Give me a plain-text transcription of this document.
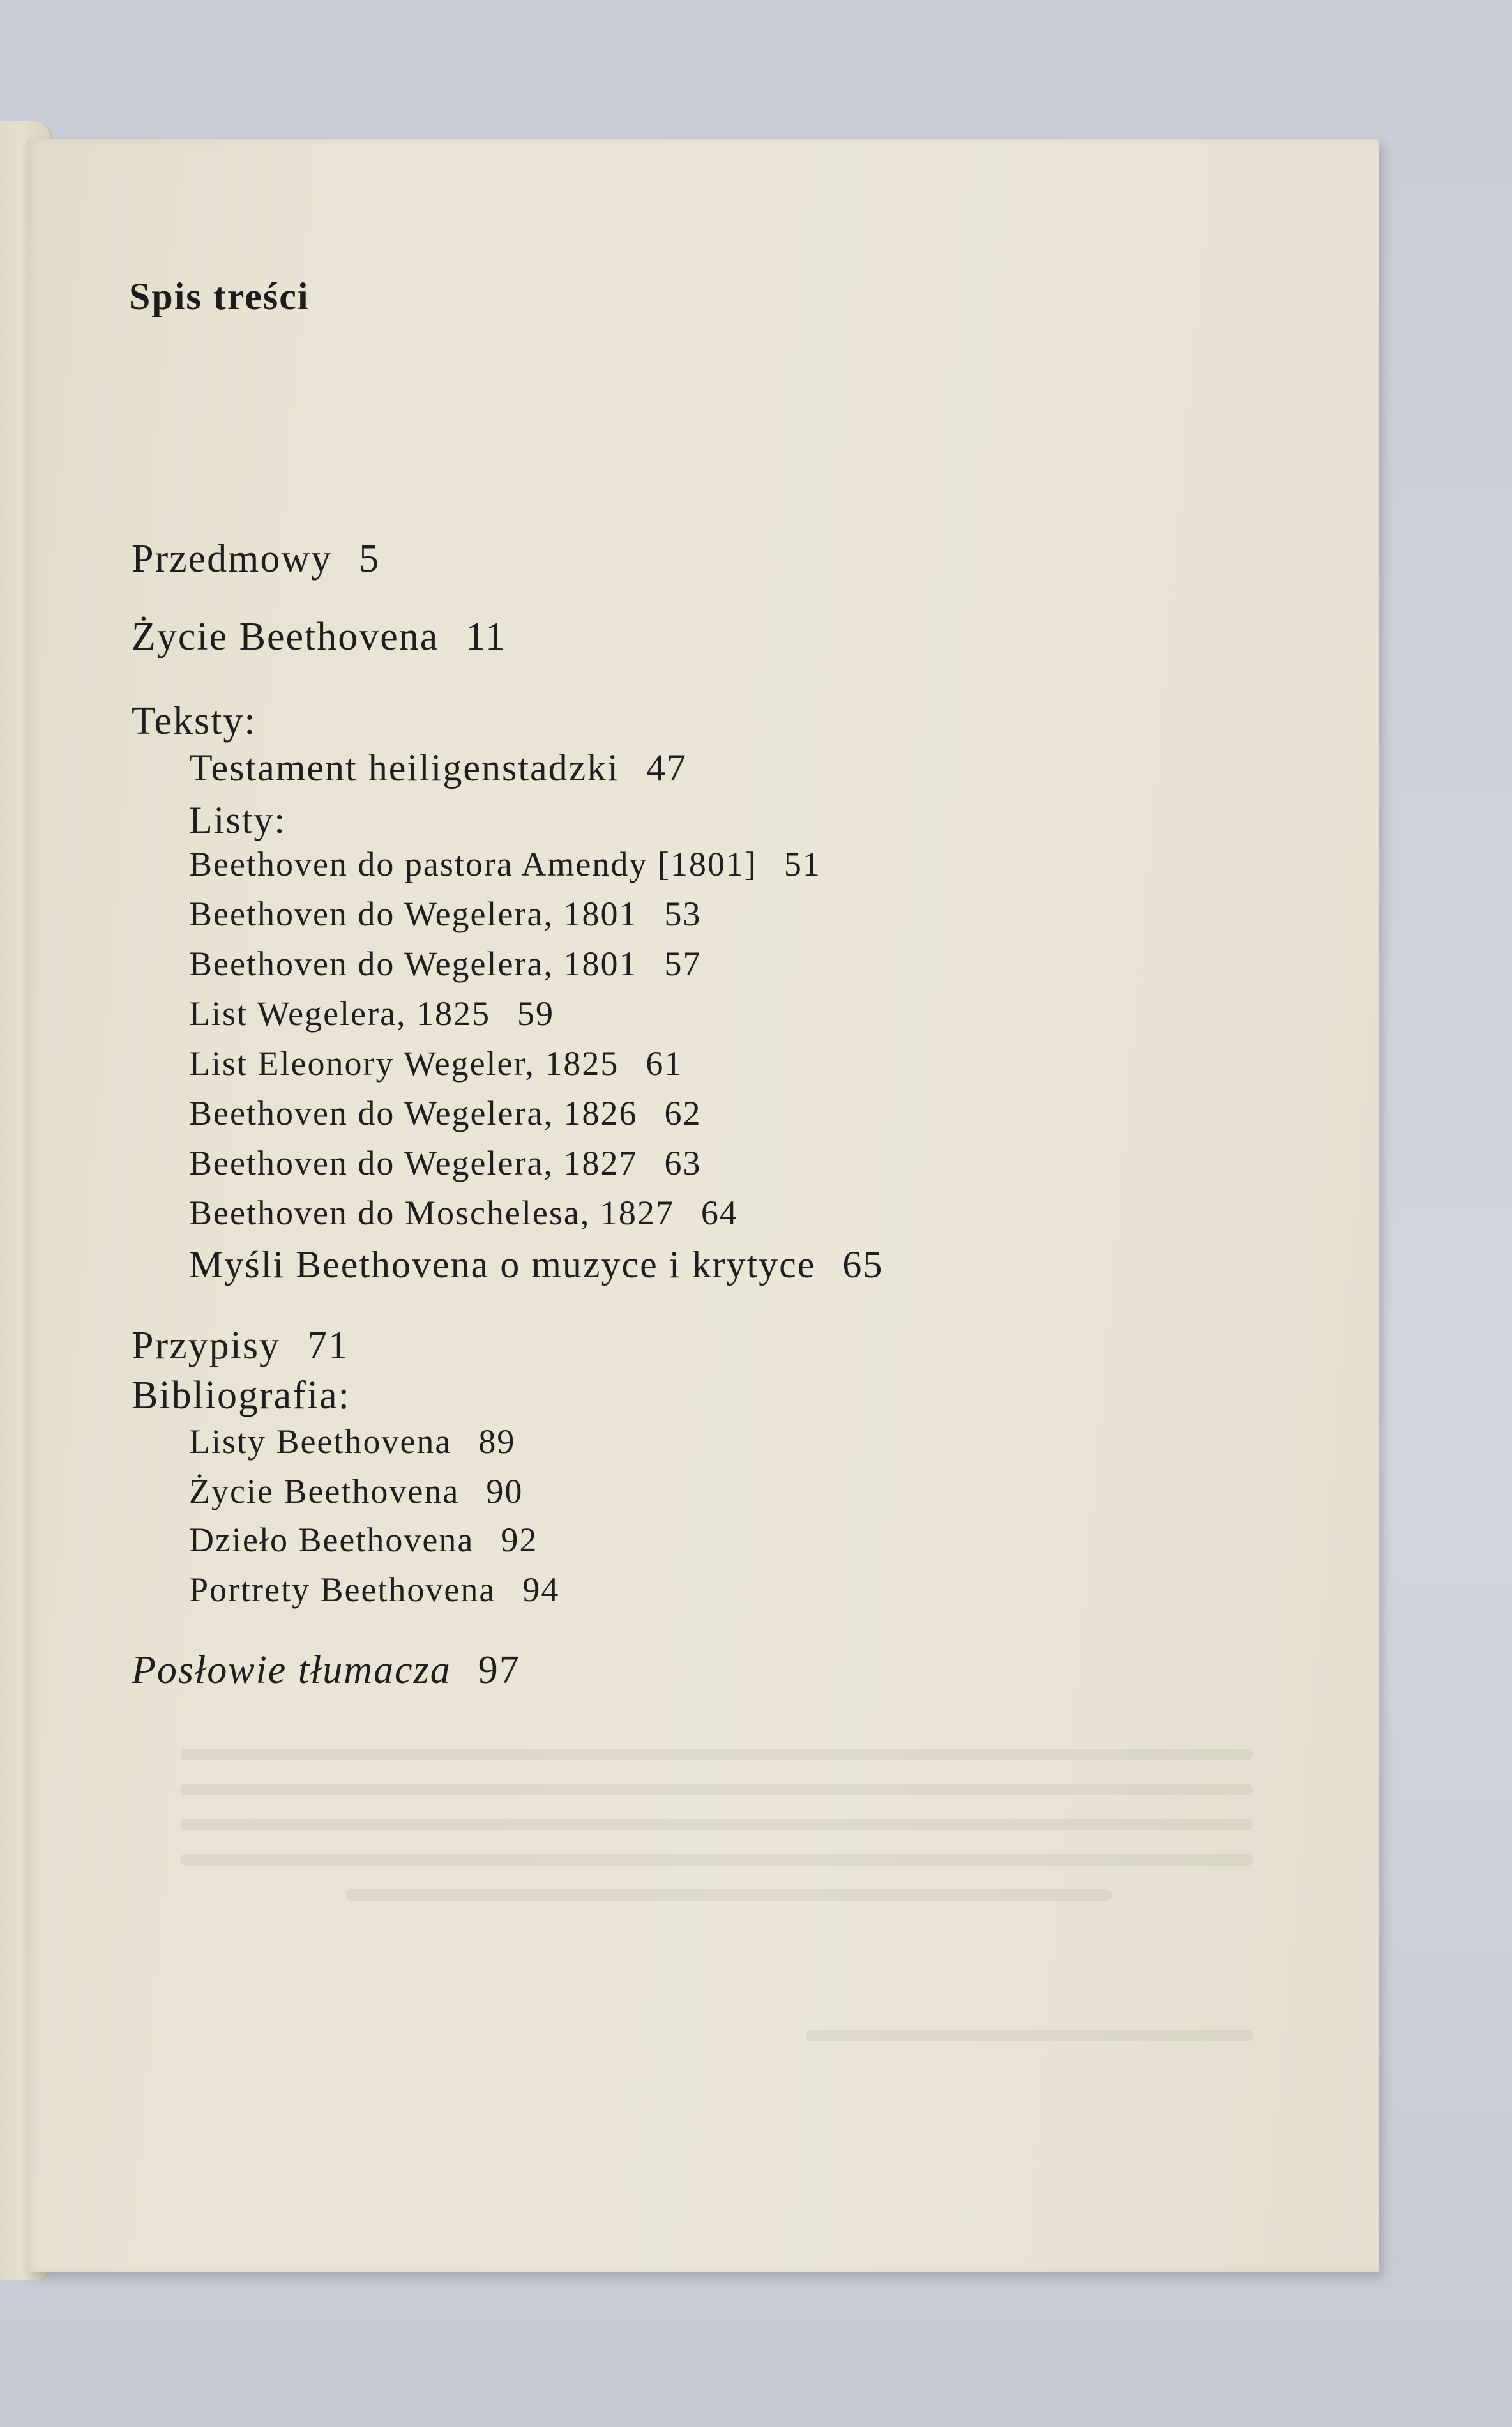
Spis treści
Przedmowy 5
Życie Beethovena 11
Teksty:
Testament heiligenstadzki 47
Listy:
Beethoven do pastora Amendy [1801] 51
Beethoven do Wegelera, 1801 53
Beethoven do Wegelera, 1801 57
List Wegelera, 1825 59
List Eleonory Wegeler, 1825 61
Beethoven do Wegelera, 1826 62
Beethoven do Wegelera, 1827 63
Beethoven do Moschelesa, 1827 64
Myśli Beethovena o muzyce i krytyce 65
Przypisy 71
Bibliografia:
Listy Beethovena 89
Życie Beethovena 90
Dzieło Beethovena 92
Portrety Beethovena 94
Posłowie tłumacza 97
